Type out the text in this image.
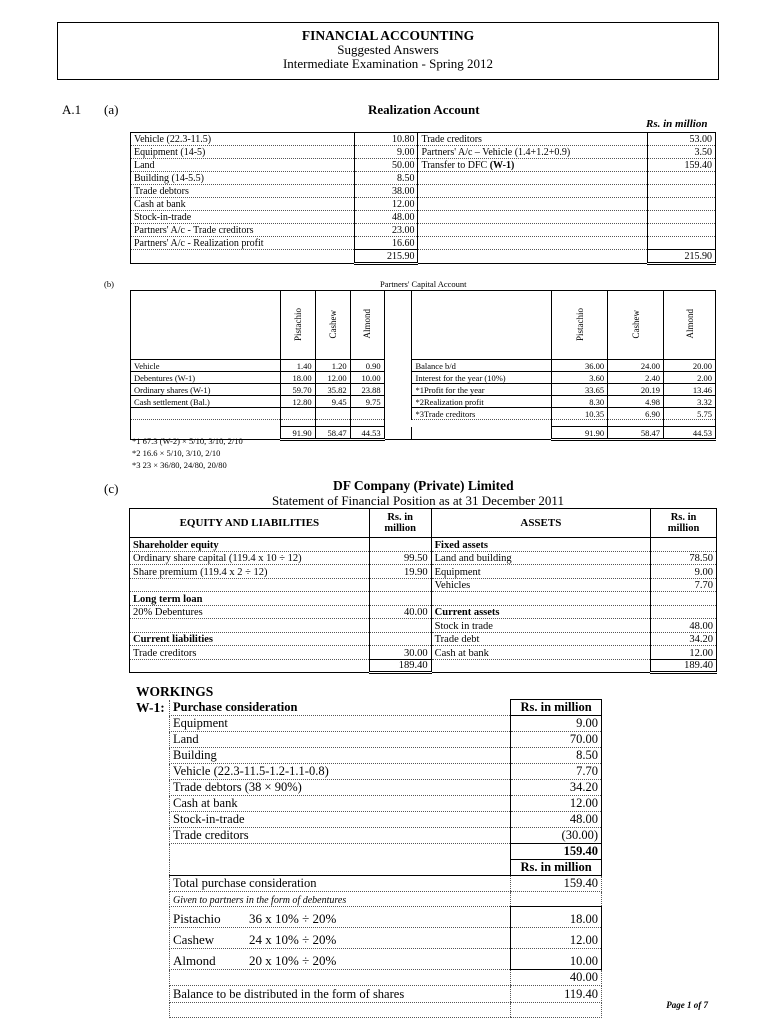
FINANCIAL ACCOUNTING
Suggested Answers
Intermediate Examination - Spring 2012
A.1 (a)	Realization Account
Rs. in million
Vehicle (22.3-11.5)	10.80	Trade creditors	53.00
Equipment (14-5)	9.00	Partners' A/c – Vehicle (1.4+1.2+0.9)	3.50
Land	50.00	Transfer to DFC (W-1)	159.40
Building (14-5.5)	8.50		
Trade debtors	38.00		
Cash at bank	12.00		
Stock-in-trade	48.00		
Partners' A/c - Trade creditors	23.00		
Partners' A/c - Realization profit	16.60		
	215.90		215.90
(b)	Partners' Capital Account
	Pistachio	Cashew	Almond			Pistachio	Cashew	Almond
Vehicle	1.40	1.20	0.90		Balance b/d	36.00	24.00	20.00
Debentures (W-1)	18.00	12.00	10.00		Interest for the year (10%)	3.60	2.40	2.00
Ordinary shares (W-1)	59.70	35.82	23.88		*1Profit for the year	33.65	20.19	13.46
Cash settlement (Bal.)	12.80	9.45	9.75		*2Realization profit	8.30	4.98	3.32
					*3Trade creditors	10.35	6.90	5.75

	91.90	58.47	44.53			91.90	58.47	44.53
*1 67.3 (W-2) × 5/10, 3/10, 2/10
*2 16.6 × 5/10, 3/10, 2/10
*3 23 × 36/80, 24/80, 20/80
(c)	DF Company (Private) Limited
Statement of Financial Position as at 31 December 2011
EQUITY AND LIABILITIES	Rs. in million	ASSETS	Rs. in million
Shareholder equity		Fixed assets	
Ordinary share capital (119.4 x 10 ÷ 12)	99.50	Land and building	78.50
Share premium (119.4 x 2 ÷ 12)	19.90	Equipment	9.00
		Vehicles	7.70
Long term loan			
20% Debentures	40.00	Current assets	
		Stock in trade	48.00
Current liabilities		Trade debt	34.20
Trade creditors	30.00	Cash at bank	12.00
	189.40		189.40
WORKINGS
W-1: Purchase consideration	Rs. in million
Equipment	9.00
Land	70.00
Building	8.50
Vehicle (22.3-11.5-1.2-1.1-0.8)	7.70
Trade debtors (38 × 90%)	34.20
Cash at bank	12.00
Stock-in-trade	48.00
Trade creditors	(30.00)
	159.40
	Rs. in million
Total purchase consideration	159.40
Given to partners in the form of debentures	
Pistachio 36 x 10% ÷ 20%	18.00
Cashew 24 x 10% ÷ 20%	12.00
Almond 20 x 10% ÷ 20%	10.00
	40.00
Balance to be distributed in the form of shares	119.40

Page 1 of 7
